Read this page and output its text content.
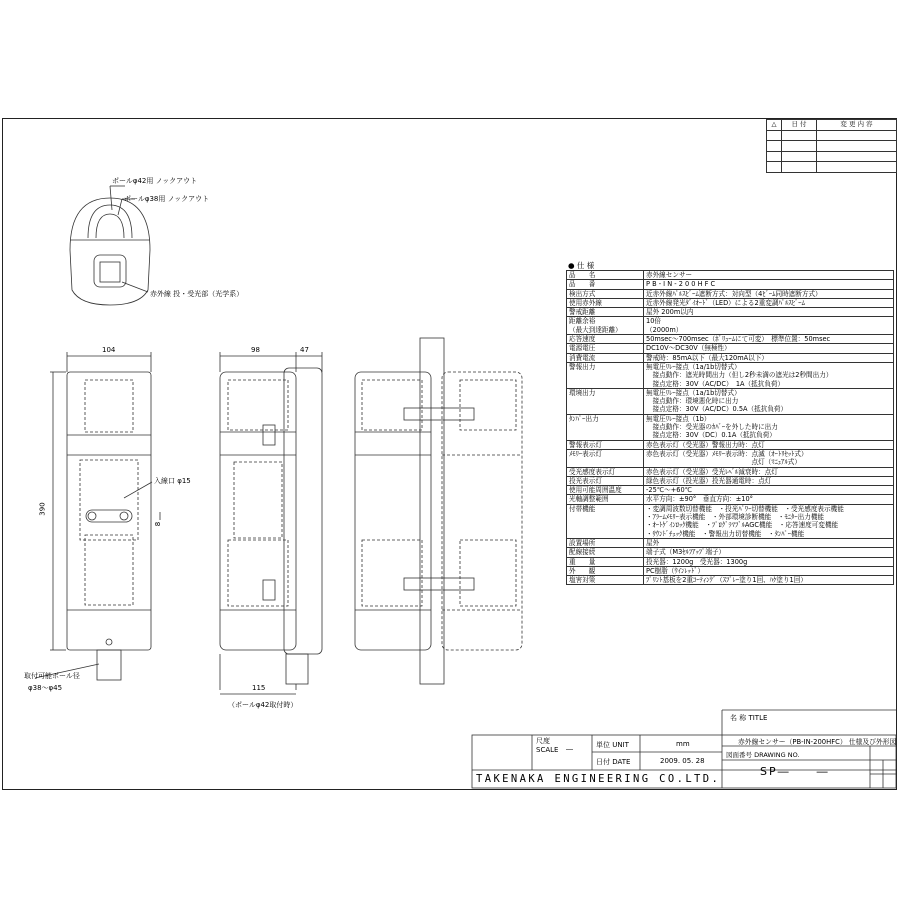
△	日 付	変 更 内 容

ポールφ42用 ノックアウト
ポールφ38用 ノックアウト
赤外線 投・受光部（光学系）
入線口 φ15
取付可能ポール径
φ38～φ45
（ポールφ42取付時）
104
390
98	47
8
115
● 仕 様
品　　名	赤外線センサー

品　　番	P B - I N - 2 0 0 H F C

検出方式	近赤外線ﾊﾟﾙｽﾋﾞｰﾑ遮断方式：対向型（4ﾋﾞｰﾑ同時遮断方式）

使用赤外線	近赤外線発光ﾀﾞｲｵｰﾄﾞ（LED）による2重変調ﾊﾟﾙｽﾋﾞｰﾑ

警戒距離	屋外 200m以内

距離余裕
（最大到達距離）	10倍
（2000m）

応答速度	50msec～700msec（ﾎﾞﾘｭｰﾑにて可変）　標準位置：50msec

電源電圧	DC10V～DC30V（無極性）

消費電流	警戒時：85mA以下（最大120mA以下）

警報出力	無電圧ﾘﾚｰ接点（1a/1b切替式）
　接点動作：遮光時間出力（但し2秒未満の遮光は2秒間出力）
　接点定格：30V（AC/DC）　1A（抵抗負荷）

環境出力	無電圧ﾘﾚｰ接点（1a/1b切替式）
　接点動作：環境悪化時に出力
　接点定格：30V（AC/DC）0.5A（抵抗負荷）

ﾀﾝﾊﾟｰ出力	無電圧ﾘﾚｰ接点（1b）
　接点動作：受光器のｶﾊﾞｰを外した時に出力
　接点定格：30V（DC）0.1A（抵抗負荷）

警報表示灯	赤色表示灯（受光器）警報出力時：点灯

ﾒﾓﾘｰ表示灯	赤色表示灯（受光器）ﾒﾓﾘｰ表示時：点滅（ｵｰﾄﾘｾｯﾄ式）
　　　　　　　　　　　　　　　　点灯（ﾏﾆｭｱﾙ式）

受光感度表示灯	赤色表示灯（受光器）受光ﾚﾍﾞﾙ減衰時：点灯

投光表示灯	緑色表示灯（投光器）投光器通電時：点灯

使用可能周囲温度	-25℃～+60℃

光軸調整範囲	水平方向：±90°　垂直方向：±10°

付帯機能	・変調周波数切替機能　・投光ﾊﾟﾜｰ切替機能　・受光感度表示機能
・ｱﾗｰﾑﾒﾓﾘｰ表示機能　・外部環境診断機能　・ﾓﾆﾀｰ出力機能
・ｵｰﾄｹﾞｲﾝﾛｯｸ機能　・ﾌﾟﾛｸﾞﾗﾏﾌﾞﾙAGC機能　・応答速度可変機能
・ｻｳﾝﾄﾞﾁｪｯｸ機能　・警報出力切替機能　・ﾀﾝﾊﾟｰ機能

設置場所	屋外

配線接続	端子式（M3ｾﾙﾌｱｯﾌﾟ端子）

重　　量	投光器：1200g　受光器：1300g

外　　観	PC樹脂（ｳｲﾝﾚｯﾄﾞ）

塩害対策	ﾌﾟﾘﾝﾄ基板を2重ｺｰﾃｨﾝｸﾞ（ｽﾌﾟﾚｰ塗り1回、ﾊｹ塗り1回）
尺度
SCALE ―	単位 UNIT	mm
日付 DATE	2009. 05. 28
名 称 TITLE
赤外線センサー（PB-IN-200HFC） 仕様及び外形図
図面番号 DRAWING NO.
SP―　　―
TAKENAKA ENGINEERING CO.LTD.
